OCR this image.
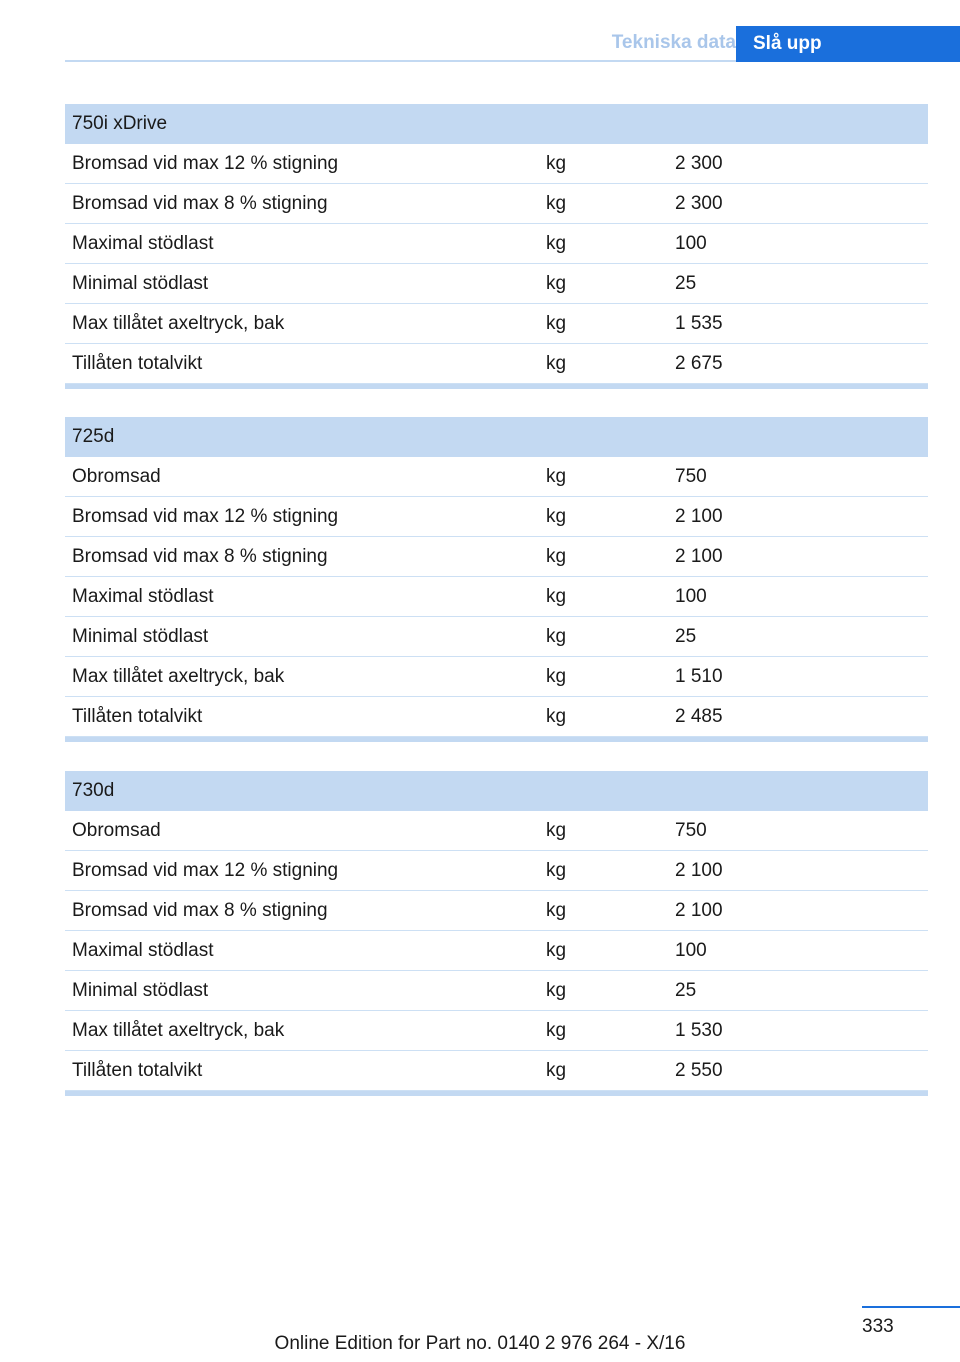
Tekniska data Slå upp
750i xDrive
Bromsad vid max 12 % stigning	kg	2 300
Bromsad vid max 8 % stigning	kg	2 300
Maximal stödlast	kg	100
Minimal stödlast	kg	25
Max tillåtet axeltryck, bak	kg	1 535
Tillåten totalvikt	kg	2 675
725d
Obromsad	kg	750
Bromsad vid max 12 % stigning	kg	2 100
Bromsad vid max 8 % stigning	kg	2 100
Maximal stödlast	kg	100
Minimal stödlast	kg	25
Max tillåtet axeltryck, bak	kg	1 510
Tillåten totalvikt	kg	2 485
730d
Obromsad	kg	750
Bromsad vid max 12 % stigning	kg	2 100
Bromsad vid max 8 % stigning	kg	2 100
Maximal stödlast	kg	100
Minimal stödlast	kg	25
Max tillåtet axeltryck, bak	kg	1 530
Tillåten totalvikt	kg	2 550
333
Online Edition for Part no. 0140 2 976 264 - X/16
